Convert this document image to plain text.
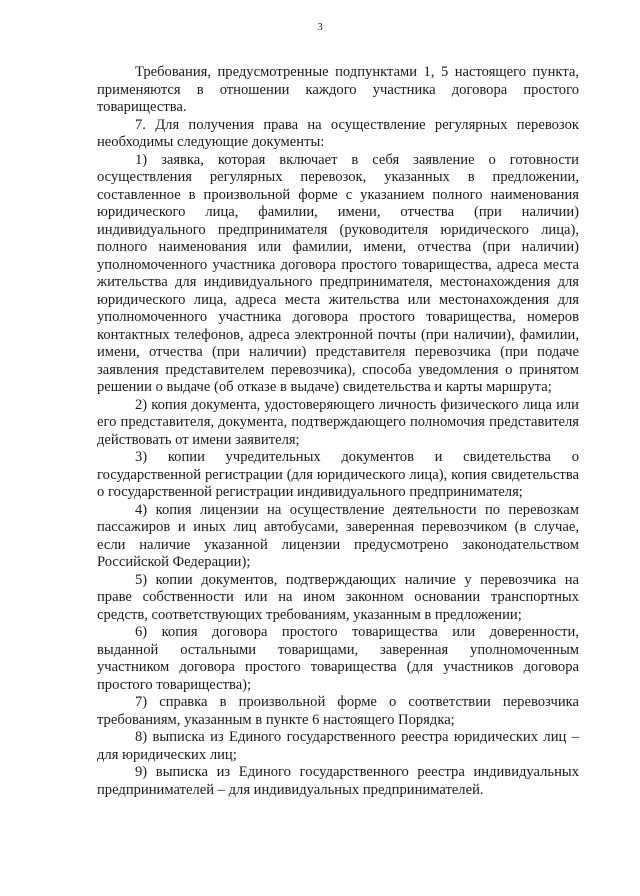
3

Требования, предусмотренные подпунктами 1, 5 настоящего пункта, применяются в отношении каждого участника договора простого товарищества.

7. Для получения права на осуществление регулярных перевозок необходимы следующие документы:

1) заявка, которая включает в себя заявление о готовности осуществления регулярных перевозок, указанных в предложении, составленное в произвольной форме с указанием полного наименования юридического лица, фамилии, имени, отчества (при наличии) индивидуального предпринимателя (руководителя юридического лица), полного наименования или фамилии, имени, отчества (при наличии) уполномоченного участника договора простого товарищества, адреса места жительства для индивидуального предпринимателя, местонахождения для юридического лица, адреса места жительства или местонахождения для уполномоченного участника договора простого товарищества, номеров контактных телефонов, адреса электронной почты (при наличии), фамилии, имени, отчества (при наличии) представителя перевозчика (при подаче заявления представителем перевозчика), способа уведомления о принятом решении о выдаче (об отказе в выдаче) свидетельства и карты маршрута;

2) копия документа, удостоверяющего личность физического лица или его представителя, документа, подтверждающего полномочия представителя действовать от имени заявителя;

3) копии учредительных документов и свидетельства о государственной регистрации (для юридического лица), копия свидетельства о государственной регистрации индивидуального предпринимателя;

4) копия лицензии на осуществление деятельности по перевозкам пассажиров и иных лиц автобусами, заверенная перевозчиком (в случае, если наличие указанной лицензии предусмотрено законодательством Российской Федерации);

5) копии документов, подтверждающих наличие у перевозчика на праве собственности или на ином законном основании транспортных средств, соответствующих требованиям, указанным в предложении;

6) копия договора простого товарищества или доверенности, выданной остальными товарищами, заверенная уполномоченным участником договора простого товарищества (для участников договора простого товарищества);

7) справка в произвольной форме о соответствии перевозчика требованиям, указанным в пункте 6 настоящего Порядка;

8) выписка из Единого государственного реестра юридических лиц – для юридических лиц;

9) выписка из Единого государственного реестра индивидуальных предпринимателей – для индивидуальных предпринимателей.
